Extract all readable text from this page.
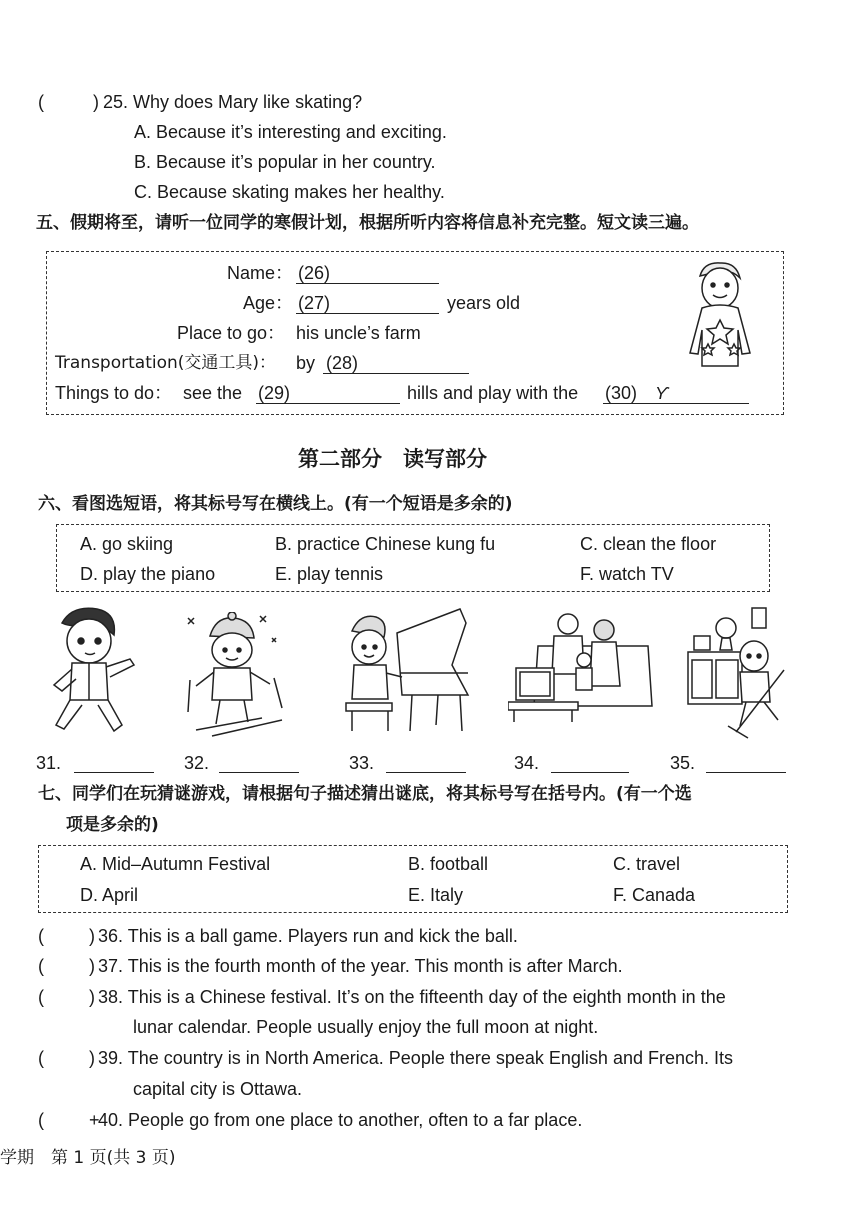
(	) 25. Why does Mary like skating?
A. Because it’s interesting and exciting.
B. Because it’s popular in her country.
C. Because skating makes her healthy.
五、假期将至，请听一位同学的寒假计划，根据所听内容将信息补充完整。短文读三遍。
Name： (26)
Age： (27)	years old
Place to go： his uncle’s farm
Transportation(交通工具)： by (28)
Things to do： see the (29)	hills and play with the (30) ϒ
第二部分　读写部分
六、看图选短语，将其标号写在横线上。(有一个短语是多余的)
A. go skiing	B. practice Chinese kung fu	C. clean the floor
D. play the piano	E. play tennis	F. watch TV
31.	32.	33.	34.	35.
七、同学们在玩猜谜游戏，请根据句子描述猜出谜底，将其标号写在括号内。(有一个选
项是多余的)
A. Mid–Autumn Festival	B. football	C. travel
D. April	E. Italy	F. Canada
(	) 36. This is a ball game. Players run and kick the ball.
(	) 37. This is the fourth month of the year. This month is after March.
(	) 38. This is a Chinese festival. It’s on the fifteenth day of the eighth month in the
lunar calendar. People usually enjoy the full moon at night.
(	) 39. The country is in North America. People there speak English and French. Its
capital city is Ottawa.
(	+
40. People go from one place to another, often to a far place.
学期　第 1 页(共 3 页)
